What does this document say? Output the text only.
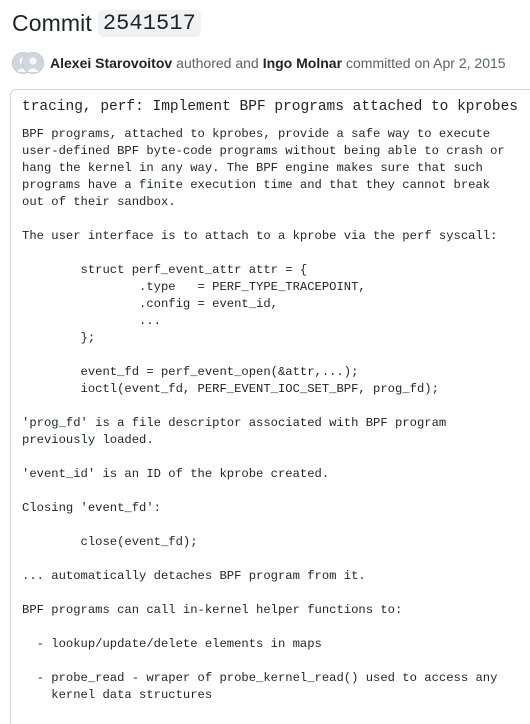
Commit 2541517
Alexei Starovoitov authored and Ingo Molnar committed on Apr 2, 2015
tracing, perf: Implement BPF programs attached to kprobes
BPF programs, attached to kprobes, provide a safe way to execute
user-defined BPF byte-code programs without being able to crash or
hang the kernel in any way. The BPF engine makes sure that such
programs have a finite execution time and that they cannot break
out of their sandbox.

The user interface is to attach to a kprobe via the perf syscall:

struct perf_event_attr attr = {
.type   = PERF_TYPE_TRACEPOINT,
.config = event_id,
...
};

event_fd = perf_event_open(&attr,...);
ioctl(event_fd, PERF_EVENT_IOC_SET_BPF, prog_fd);

'prog_fd' is a file descriptor associated with BPF program
previously loaded.

'event_id' is an ID of the kprobe created.

Closing 'event_fd':

close(event_fd);

... automatically detaches BPF program from it.

BPF programs can call in-kernel helper functions to:

- lookup/update/delete elements in maps

- probe_read - wraper of probe_kernel_read() used to access any
kernel data structures
